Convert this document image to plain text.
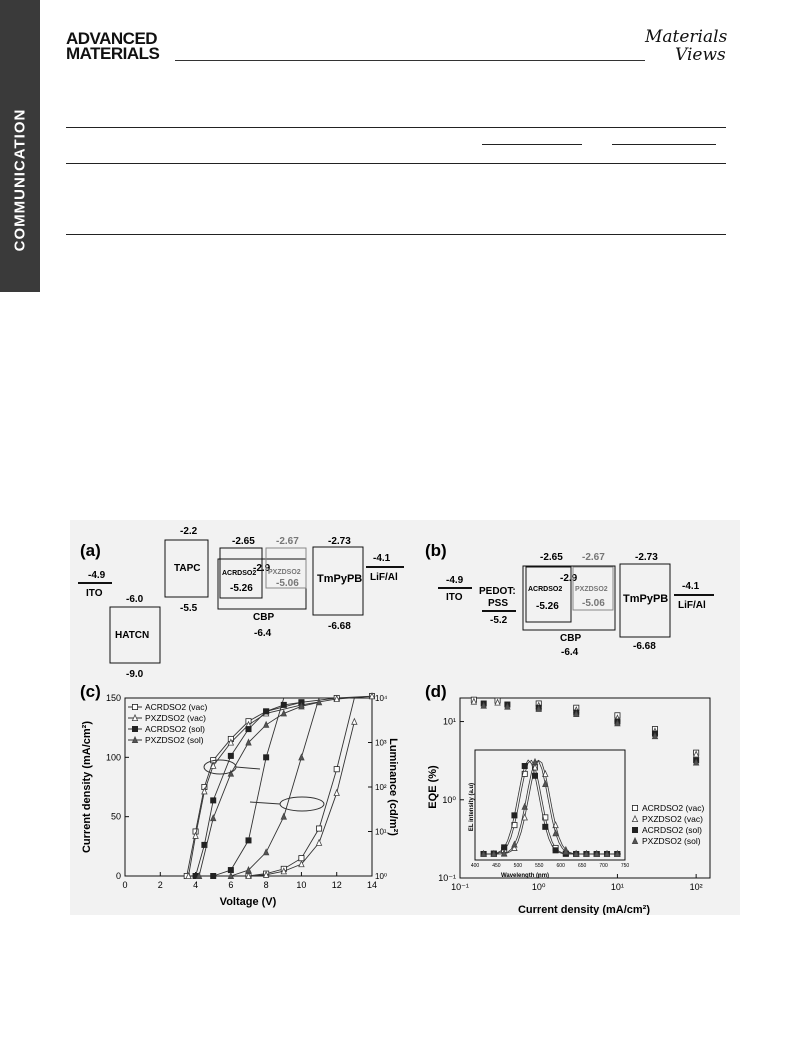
COMMUNICATION
ADVANCED
MATERIALS
Materials
Views
(a)
-4.9
ITO
-6.0
HATCN
-9.0
-2.2
TAPC
-5.5
-2.9
CBP
-6.4
-2.65
ACRDSO2
-5.26
-2.67
PXZDSO2
-5.06
-2.73
TmPyPB
-6.68
-4.1
LiF/Al
(b)
-4.9
ITO
PEDOT:
PSS
-5.2
-2.9
CBP
-6.4
-2.65
ACRDSO2
-5.26
-2.67
PXZDSO2
-5.06
-2.73
TmPyPB
-6.68
-4.1
LiF/Al
(c)
0	2	4	6	8	10	12	14
0
50
100
150
10⁰
10¹
10²
10³
10⁴
Voltage (V)
Current density (mA/cm²)	Luminance (cd/m²)
ACRDSO2 (vac)
PXZDSO2 (vac)
ACRDSO2 (sol)
PXZDSO2 (sol)
(d)
10⁻¹	10⁰	10¹	10²
10⁻¹
10⁰
10¹
Current density (mA/cm²)
EQE (%)	ACRDSO2 (vac)
PXZDSO2 (vac)
ACRDSO2 (sol)
PXZDSO2 (sol)
400	450	500	550	600	650	700	750
Wavelength (nm)
EL intensity (a.u)
